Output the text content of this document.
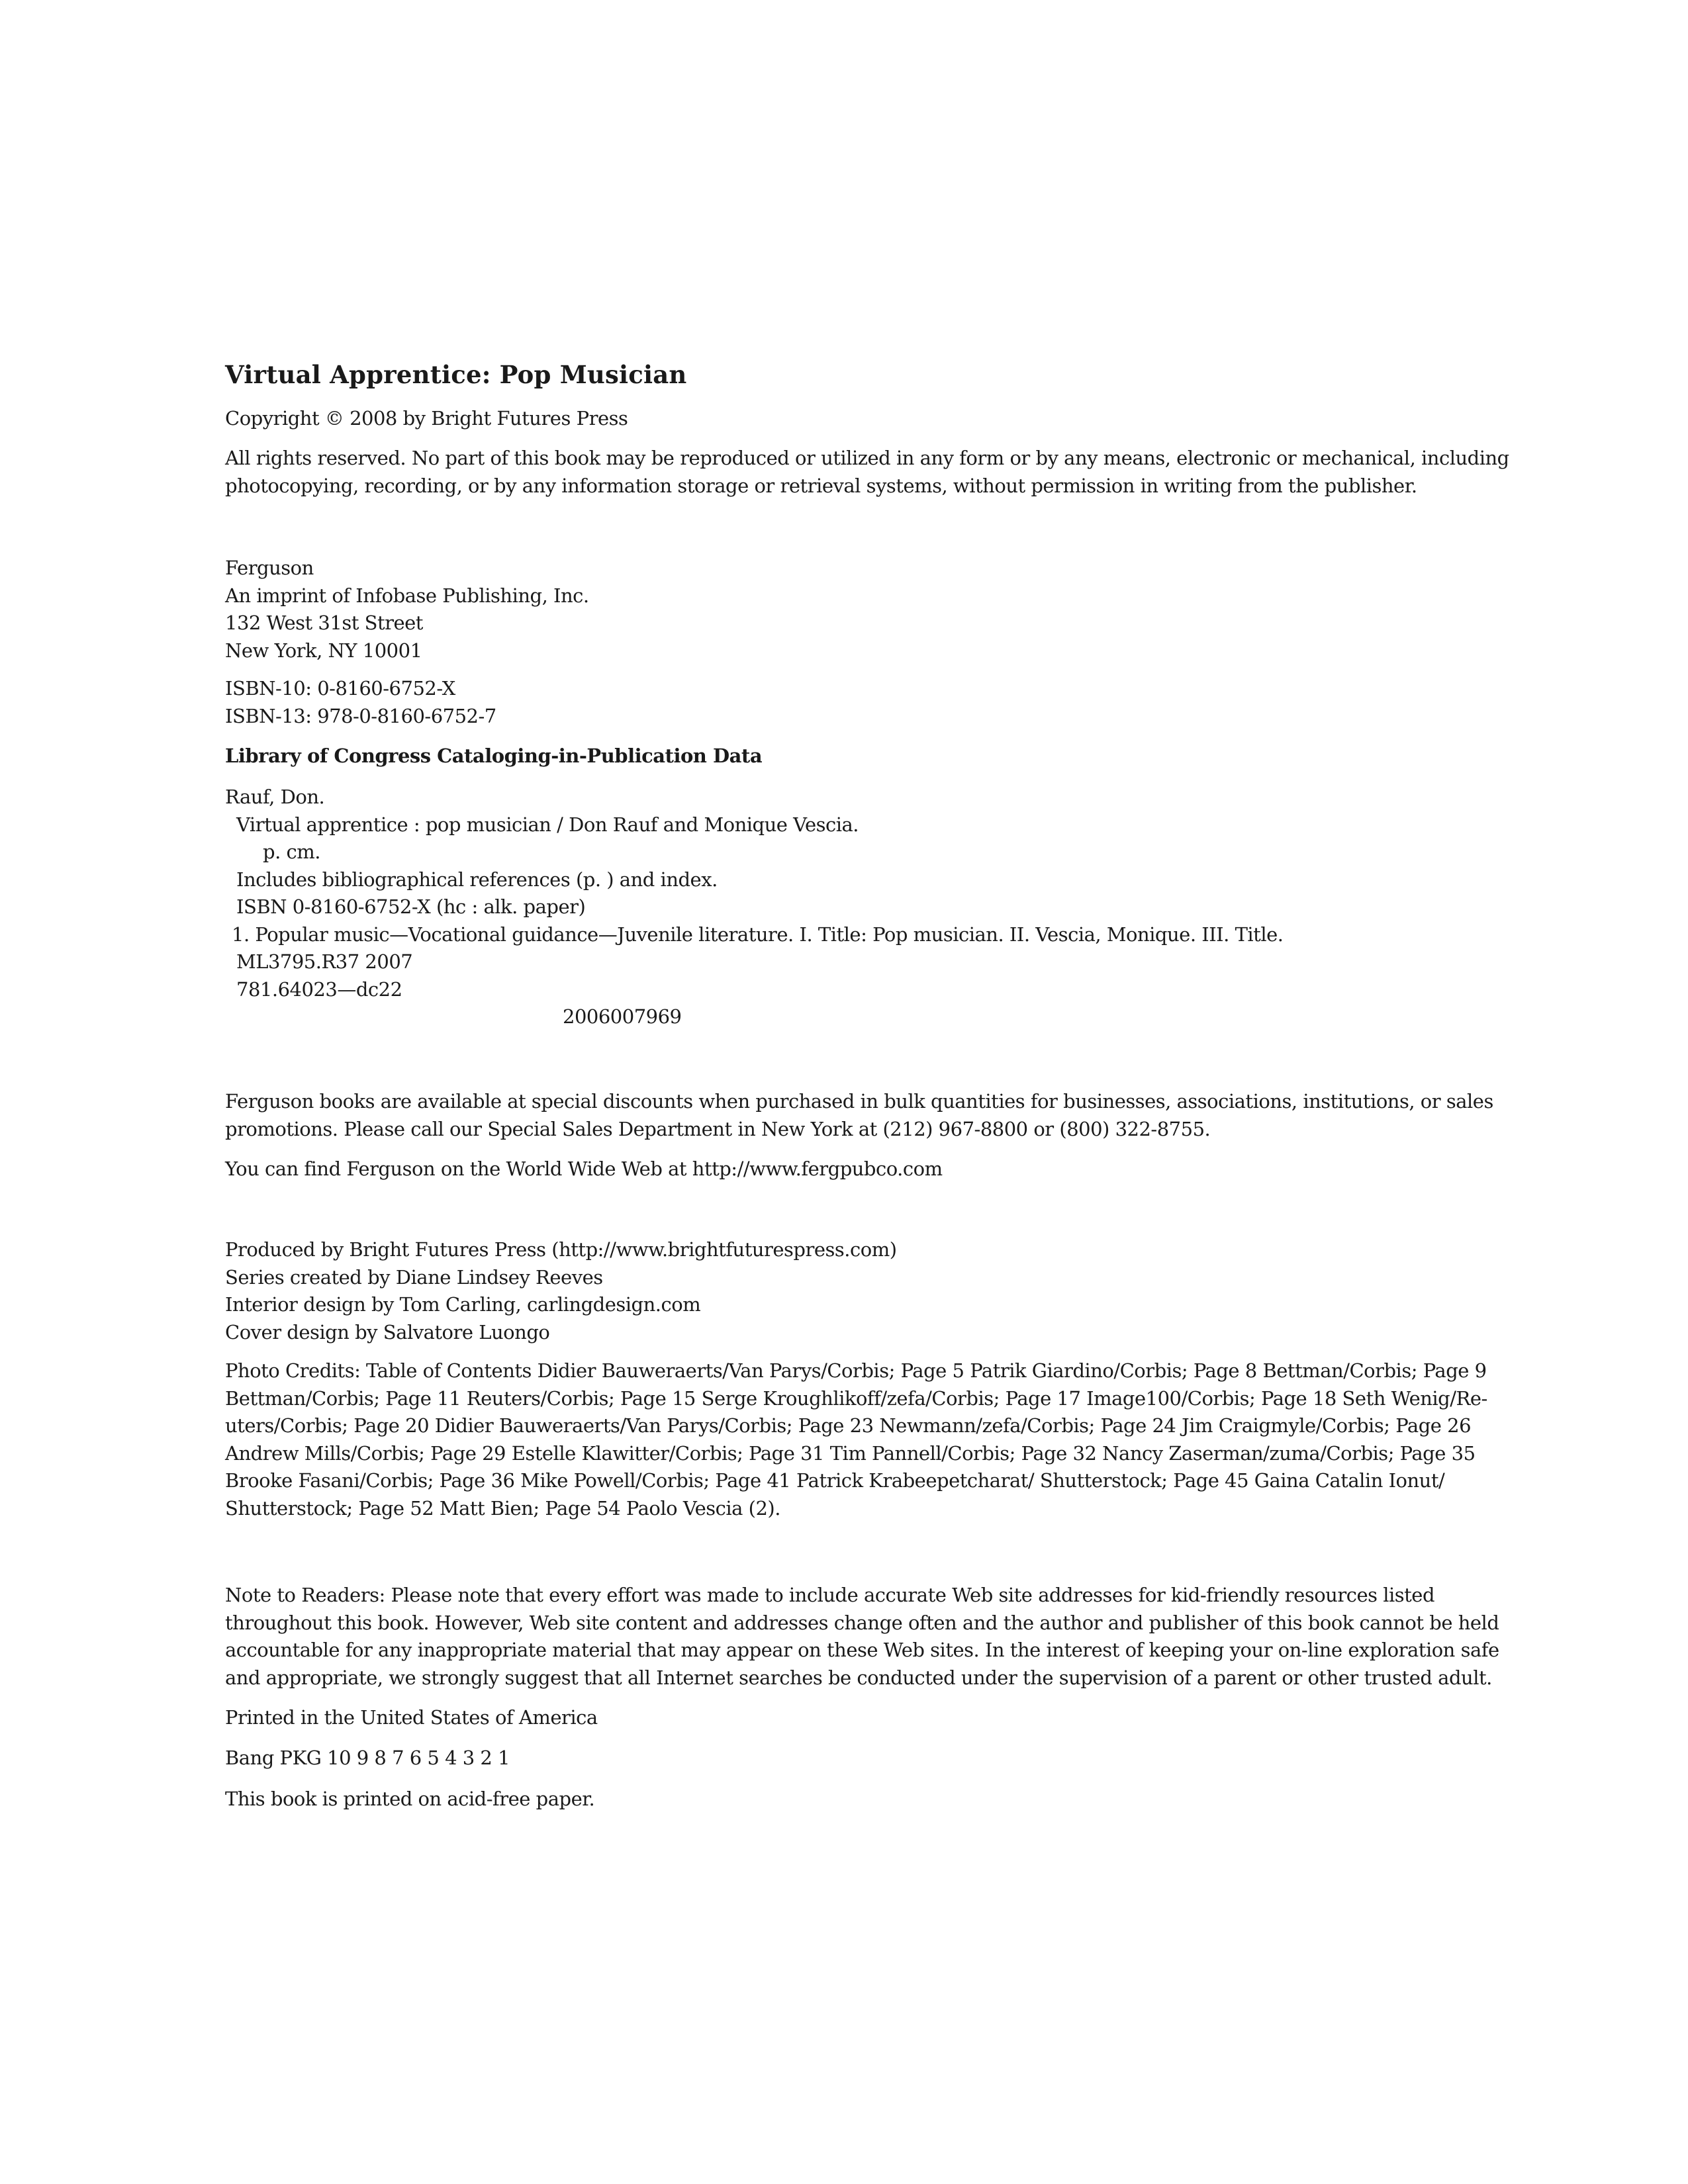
Virtual Apprentice: Pop Musician

Copyright © 2008 by Bright Futures Press

All rights reserved. No part of this book may be reproduced or utilized in any form or by any means, electronic or mechanical, including
photocopying, recording, or by any information storage or retrieval systems, without permission in writing from the publisher.

Ferguson
An imprint of Infobase Publishing, Inc.
132 West 31st Street
New York, NY 10001

ISBN-10: 0-8160-6752-X
ISBN-13: 978-0-8160-6752-7

Library of Congress Cataloging-in-Publication Data

Rauf, Don.
Virtual apprentice : pop musician / Don Rauf and Monique Vescia.
p. cm.
Includes bibliographical references (p. ) and index.
ISBN 0-8160-6752-X (hc : alk. paper)
1. Popular music—Vocational guidance—Juvenile literature. I. Title: Pop musician. II. Vescia, Monique. III. Title.
ML3795.R37 2007
781.64023—dc22
2006007969

Ferguson books are available at special discounts when purchased in bulk quantities for businesses, associations, institutions, or sales
promotions. Please call our Special Sales Department in New York at (212) 967-8800 or (800) 322-8755.

You can find Ferguson on the World Wide Web at http://www.fergpubco.com

Produced by Bright Futures Press (http://www.brightfuturespress.com)
Series created by Diane Lindsey Reeves
Interior design by Tom Carling, carlingdesign.com
Cover design by Salvatore Luongo

Photo Credits: Table of Contents Didier Bauweraerts/Van Parys/Corbis; Page 5 Patrik Giardino/Corbis; Page 8 Bettman/Corbis; Page 9
Bettman/Corbis; Page 11 Reuters/Corbis; Page 15 Serge Kroughlikoff/zefa/Corbis; Page 17 Image100/Corbis; Page 18 Seth Wenig/Re-
uters/Corbis; Page 20 Didier Bauweraerts/Van Parys/Corbis; Page 23 Newmann/zefa/Corbis; Page 24 Jim Craigmyle/Corbis; Page 26
Andrew Mills/Corbis; Page 29 Estelle Klawitter/Corbis; Page 31 Tim Pannell/Corbis; Page 32 Nancy Zaserman/zuma/Corbis; Page 35
Brooke Fasani/Corbis; Page 36 Mike Powell/Corbis; Page 41 Patrick Krabeepetcharat/ Shutterstock; Page 45 Gaina Catalin Ionut/
Shutterstock; Page 52 Matt Bien; Page 54 Paolo Vescia (2).

Note to Readers: Please note that every effort was made to include accurate Web site addresses for kid-friendly resources listed
throughout this book. However, Web site content and addresses change often and the author and publisher of this book cannot be held
accountable for any inappropriate material that may appear on these Web sites. In the interest of keeping your on-line exploration safe
and appropriate, we strongly suggest that all Internet searches be conducted under the supervision of a parent or other trusted adult.

Printed in the United States of America

Bang PKG 10 9 8 7 6 5 4 3 2 1

This book is printed on acid-free paper.
